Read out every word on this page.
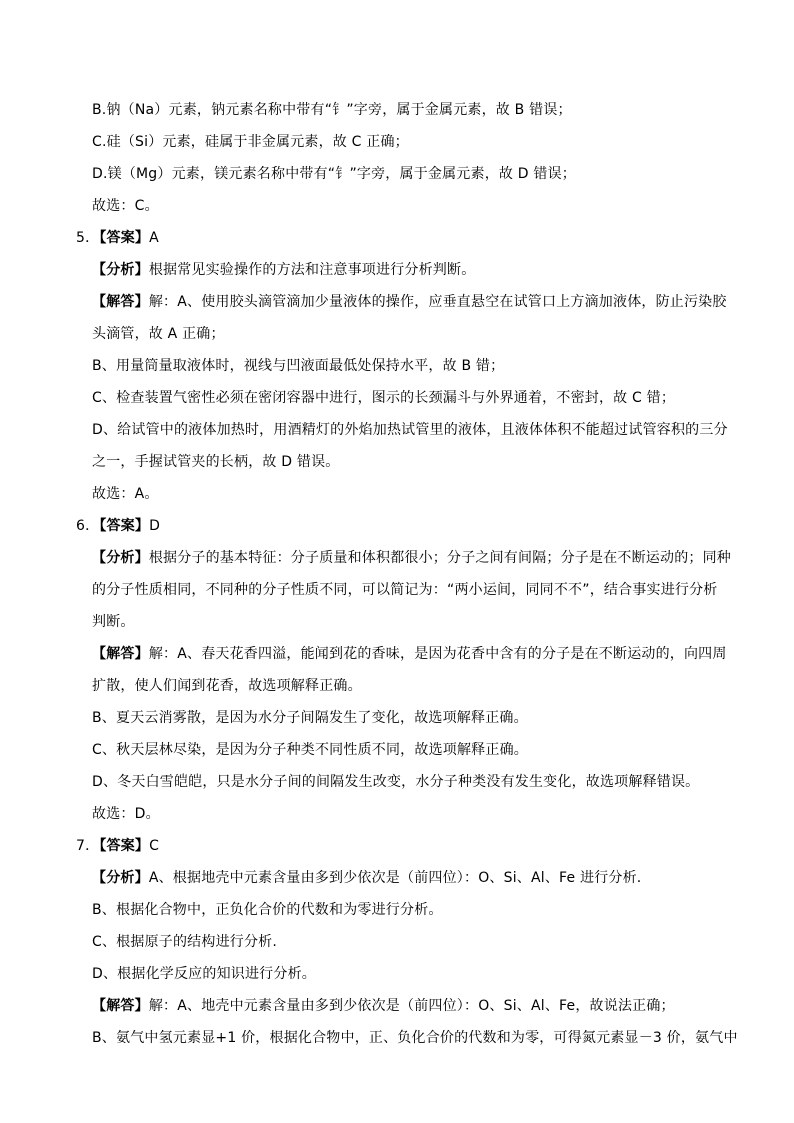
B.钠（Na）元素，钠元素名称中带有“钅”字旁，属于金属元素，故 B 错误；
C.硅（Si）元素，硅属于非金属元素，故 C 正确；
D.镁（Mg）元素，镁元素名称中带有“钅”字旁，属于金属元素，故 D 错误；
故选：C。
5．【答案】A
【分析】根据常见实验操作的方法和注意事项进行分析判断。
【解答】解：A、使用胶头滴管滴加少量液体的操作，应垂直悬空在试管口上方滴加液体，防止污染胶
头滴管，故 A 正确；
B、用量筒量取液体时，视线与凹液面最低处保持水平，故 B 错；
C、检查装置气密性必须在密闭容器中进行，图示的长颈漏斗与外界通着，不密封，故 C 错；
D、给试管中的液体加热时，用酒精灯的外焰加热试管里的液体，且液体体积不能超过试管容积的三分
之一，手握试管夹的长柄，故 D 错误。
故选：A。
6．【答案】D
【分析】根据分子的基本特征：分子质量和体积都很小；分子之间有间隔；分子是在不断运动的；同种
的分子性质相同，不同种的分子性质不同，可以简记为：“两小运间，同同不不”，结合事实进行分析
判断。
【解答】解：A、春天花香四溢，能闻到花的香味，是因为花香中含有的分子是在不断运动的，向四周
扩散，使人们闻到花香，故选项解释正确。
B、夏天云消雾散，是因为水分子间隔发生了变化，故选项解释正确。
C、秋天层林尽染，是因为分子种类不同性质不同，故选项解释正确。
D、冬天白雪皑皑，只是水分子间的间隔发生改变，水分子种类没有发生变化，故选项解释错误。
故选：D。
7．【答案】C
【分析】A、根据地壳中元素含量由多到少依次是（前四位）：O、Si、Al、Fe 进行分析.
B、根据化合物中，正负化合价的代数和为零进行分析。
C、根据原子的结构进行分析.
D、根据化学反应的知识进行分析。
【解答】解：A、地壳中元素含量由多到少依次是（前四位）：O、Si、Al、Fe，故说法正确；
B、氨气中氢元素显+1 价，根据化合物中，正、负化合价的代数和为零，可得氮元素显－3 价，氨气中
